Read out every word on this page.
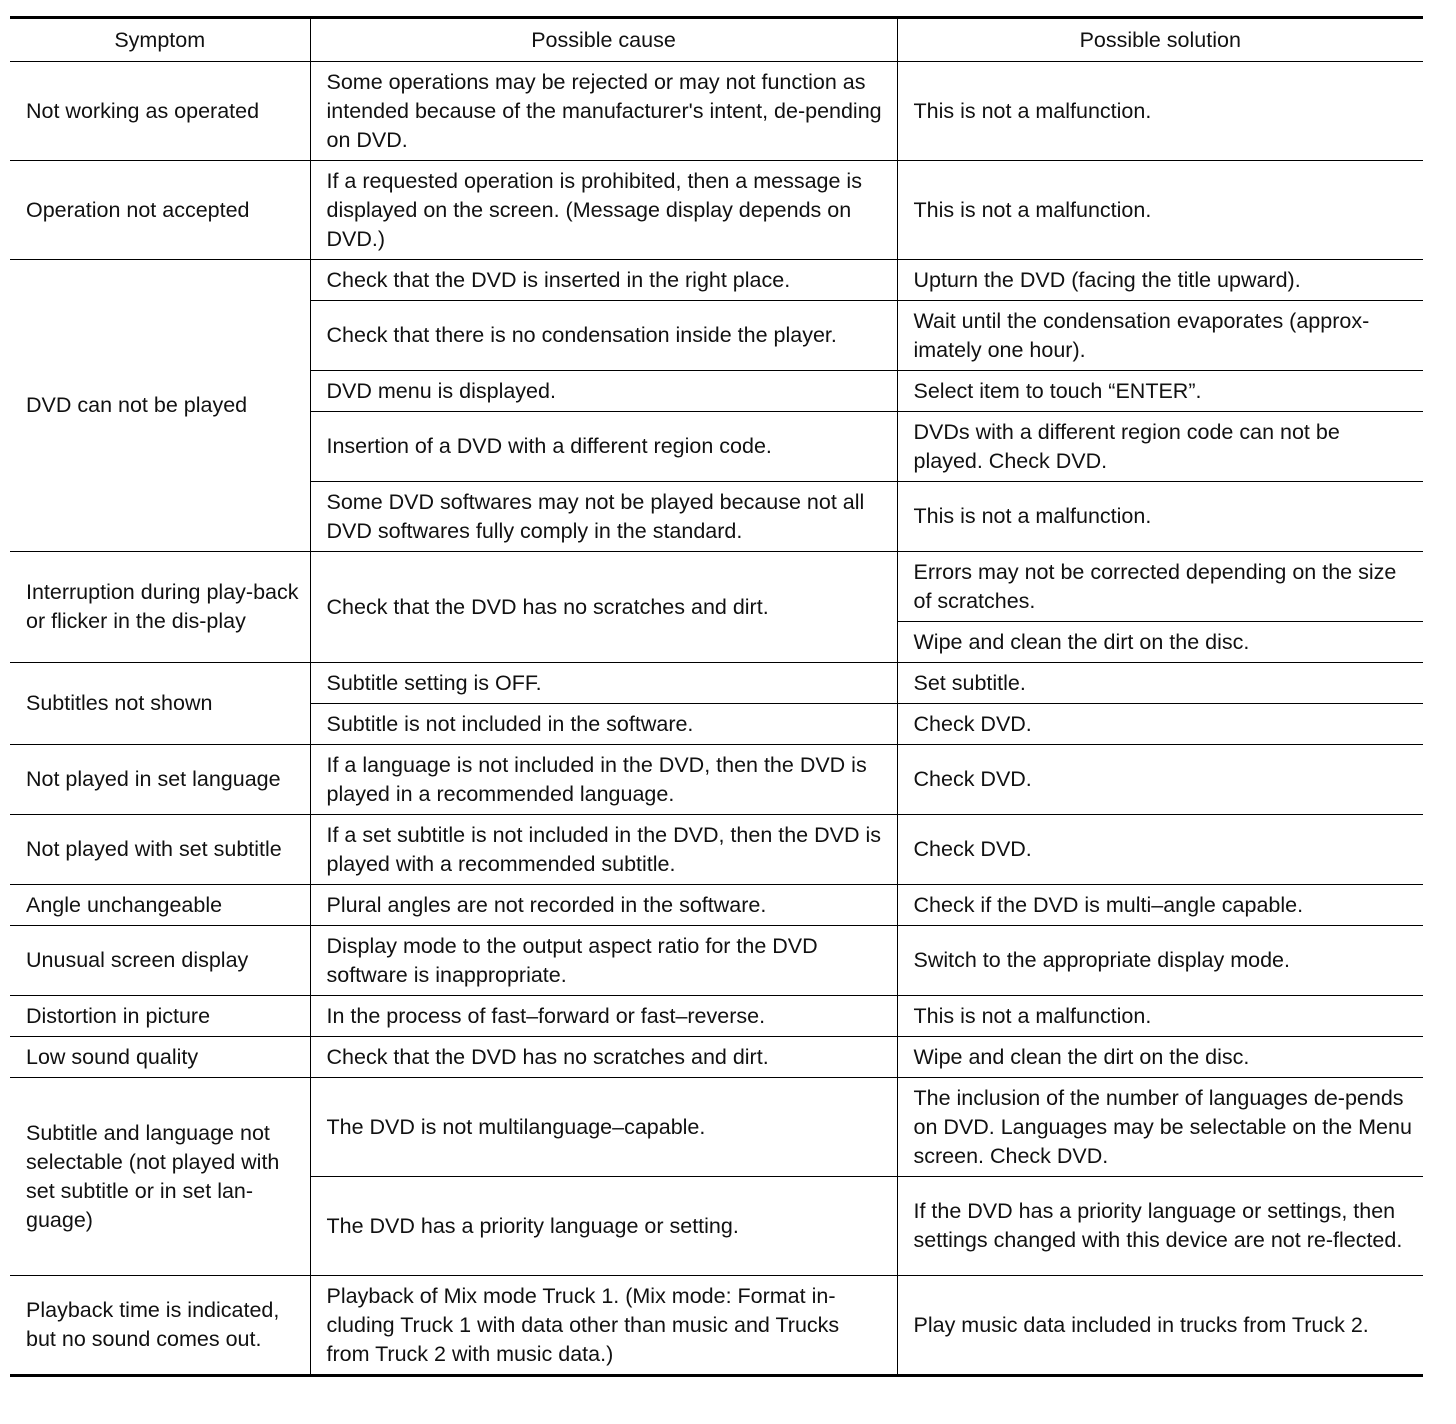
Symptom	Possible cause	Possible solution
Not working as operated	Some operations may be rejected or may not function as intended because of the manufacturer's intent, de-pending on DVD.	This is not a malfunction.
Operation not accepted	If a requested operation is prohibited, then a message is displayed on the screen. (Message display depends on DVD.)	This is not a malfunction.
DVD can not be played	Check that the DVD is inserted in the right place.	Upturn the DVD (facing the title upward).
	Check that there is no condensation inside the player.	Wait until the condensation evaporates (approx-imately one hour).
	DVD menu is displayed.	Select item to touch “ENTER”.
	Insertion of a DVD with a different region code.	DVDs with a different region code can not be played. Check DVD.
	Some DVD softwares may not be played because not all DVD softwares fully comply in the standard.	This is not a malfunction.
Interruption during play-back or flicker in the dis-play	Check that the DVD has no scratches and dirt.	Errors may not be corrected depending on the size of scratches.
		Wipe and clean the dirt on the disc.
Subtitles not shown	Subtitle setting is OFF.	Set subtitle.
	Subtitle is not included in the software.	Check DVD.
Not played in set language	If a language is not included in the DVD, then the DVD is played in a recommended language.	Check DVD.
Not played with set subtitle	If a set subtitle is not included in the DVD, then the DVD is played with a recommended subtitle.	Check DVD.
Angle unchangeable	Plural angles are not recorded in the software.	Check if the DVD is multi–angle capable.
Unusual screen display	Display mode to the output aspect ratio for the DVD software is inappropriate.	Switch to the appropriate display mode.
Distortion in picture	In the process of fast–forward or fast–reverse.	This is not a malfunction.
Low sound quality	Check that the DVD has no scratches and dirt.	Wipe and clean the dirt on the disc.
Subtitle and language not selectable (not played with set subtitle or in set lan-guage)	The DVD is not multilanguage–capable.	The inclusion of the number of languages de-pends on DVD. Languages may be selectable on the Menu screen. Check DVD.
	The DVD has a priority language or setting.	If the DVD has a priority language or settings, then settings changed with this device are not re-flected.
Playback time is indicated, but no sound comes out.	Playback of Mix mode Truck 1. (Mix mode: Format in-cluding Truck 1 with data other than music and Trucks from Truck 2 with music data.)	Play music data included in trucks from Truck 2.
